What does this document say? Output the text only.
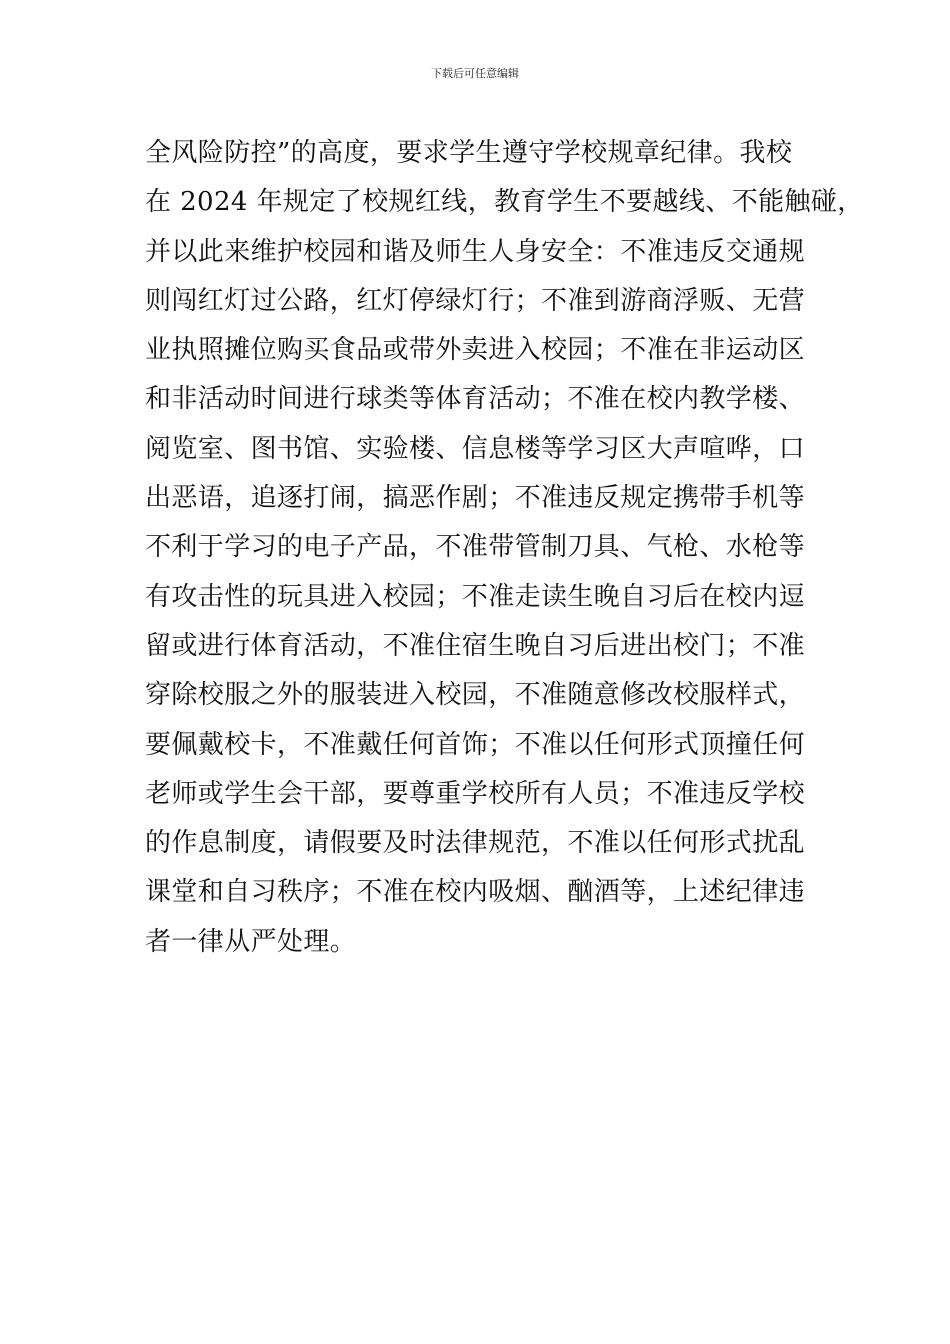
下载后可任意编辑
全风险防控”的高度，要求学生遵守学校规章纪律。我校
在 2024 年规定了校规红线，教育学生不要越线、不能触碰，
并以此来维护校园和谐及师生人身安全：不准违反交通规
则闯红灯过公路，红灯停绿灯行；不准到游商浮贩、无营
业执照摊位购买食品或带外卖进入校园；不准在非运动区
和非活动时间进行球类等体育活动；不准在校内教学楼、
阅览室、图书馆、实验楼、信息楼等学习区大声喧哗，口
出恶语，追逐打闹，搞恶作剧；不准违反规定携带手机等
不利于学习的电子产品，不准带管制刀具、气枪、水枪等
有攻击性的玩具进入校园；不准走读生晚自习后在校内逗
留或进行体育活动，不准住宿生晚自习后进出校门；不准
穿除校服之外的服装进入校园，不准随意修改校服样式，
要佩戴校卡，不准戴任何首饰；不准以任何形式顶撞任何
老师或学生会干部，要尊重学校所有人员；不准违反学校
的作息制度，请假要及时法律规范，不准以任何形式扰乱
课堂和自习秩序；不准在校内吸烟、酗酒等，上述纪律违
者一律从严处理。
